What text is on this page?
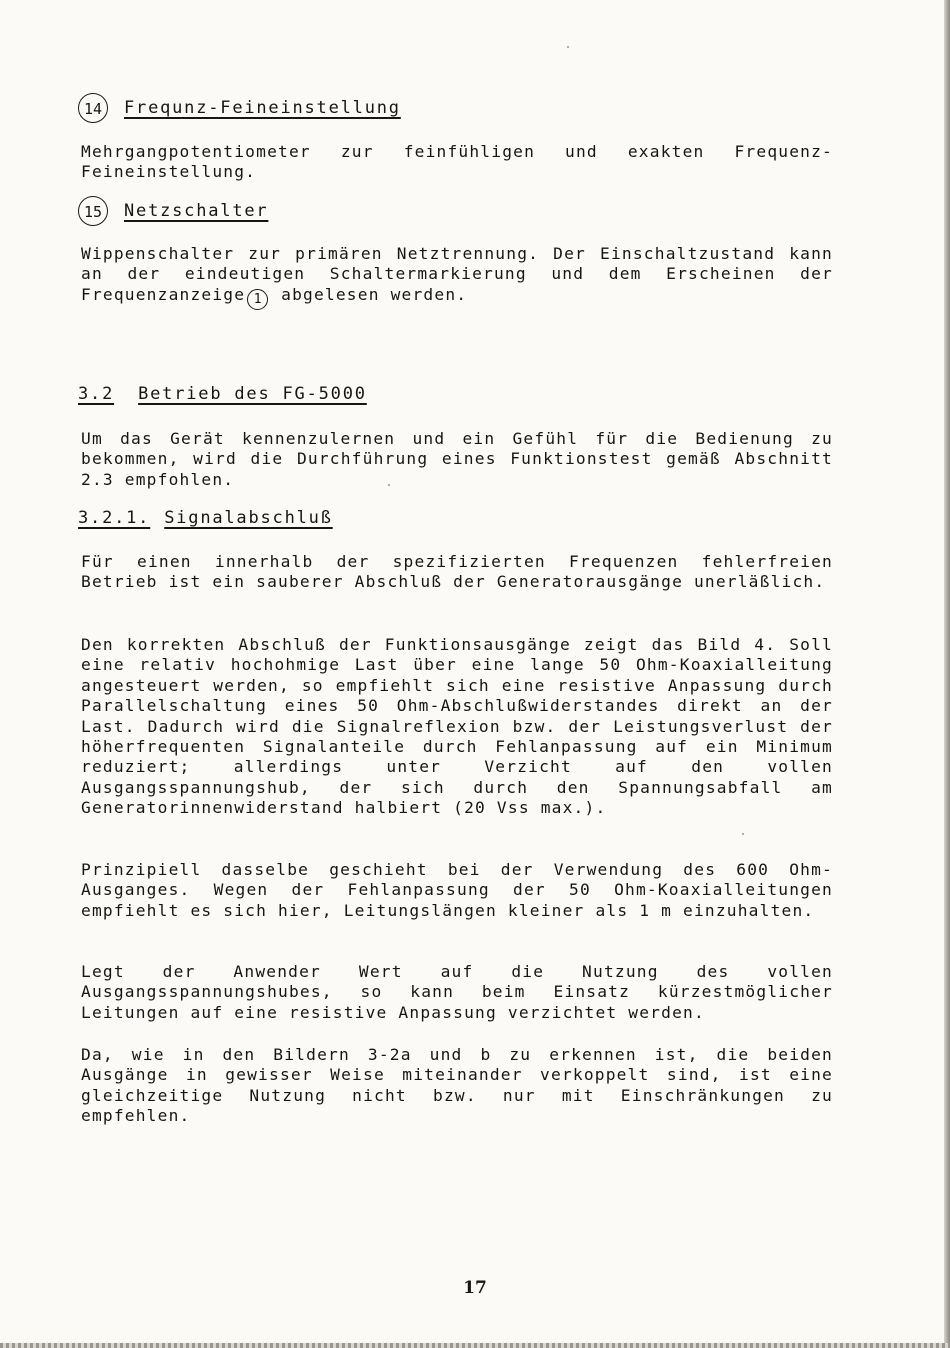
14	Frequnz-Feineinstellung

Mehrgangpotentiometer zur feinfühligen und exakten Frequenz-Feineinstellung.

15	Netzschalter

Wippenschalter zur primären Netztrennung. Der Einschaltzustand kann an der eindeutigen Schaltermarkierung und dem Erscheinen der Frequenzanzeige 1 abgelesen werden.

3.2 Betrieb des FG-5000

Um das Gerät kennenzulernen und ein Gefühl für die Bedienung zu bekommen, wird die Durchführung eines Funktionstest gemäß Abschnitt 2.3 empfohlen.

3.2.1. Signalabschluß

Für einen innerhalb der spezifizierten Frequenzen fehlerfreien Betrieb ist ein sauberer Abschluß der Generatorausgänge unerläßlich.

Den korrekten Abschluß der Funktionsausgänge zeigt das Bild 4. Soll eine relativ hochohmige Last über eine lange 50 Ohm-Koaxialleitung angesteuert werden, so empfiehlt sich eine resistive Anpassung durch Parallelschaltung eines 50 Ohm-Abschlußwiderstandes direkt an der Last. Dadurch wird die Signalreflexion bzw. der Leistungsverlust der höherfrequenten Signalanteile durch Fehlanpassung auf ein Minimum reduziert; allerdings unter Verzicht auf den vollen Ausgangsspannungshub, der sich durch den Spannungsabfall am Generatorinnenwiderstand halbiert (20 Vss max.).

Prinzipiell dasselbe geschieht bei der Verwendung des 600 Ohm-Ausganges. Wegen der Fehlanpassung der 50 Ohm-Koaxialleitungen empfiehlt es sich hier, Leitungslängen kleiner als 1 m einzuhalten.

Legt der Anwender Wert auf die Nutzung des vollen Ausgangsspannungshubes, so kann beim Einsatz kürzestmöglicher Leitungen auf eine resistive Anpassung verzichtet werden.

Da, wie in den Bildern 3-2a und b zu erkennen ist, die beiden Ausgänge in gewisser Weise miteinander verkoppelt sind, ist eine gleichzeitige Nutzung nicht bzw. nur mit Einschränkungen zu empfehlen.

17
